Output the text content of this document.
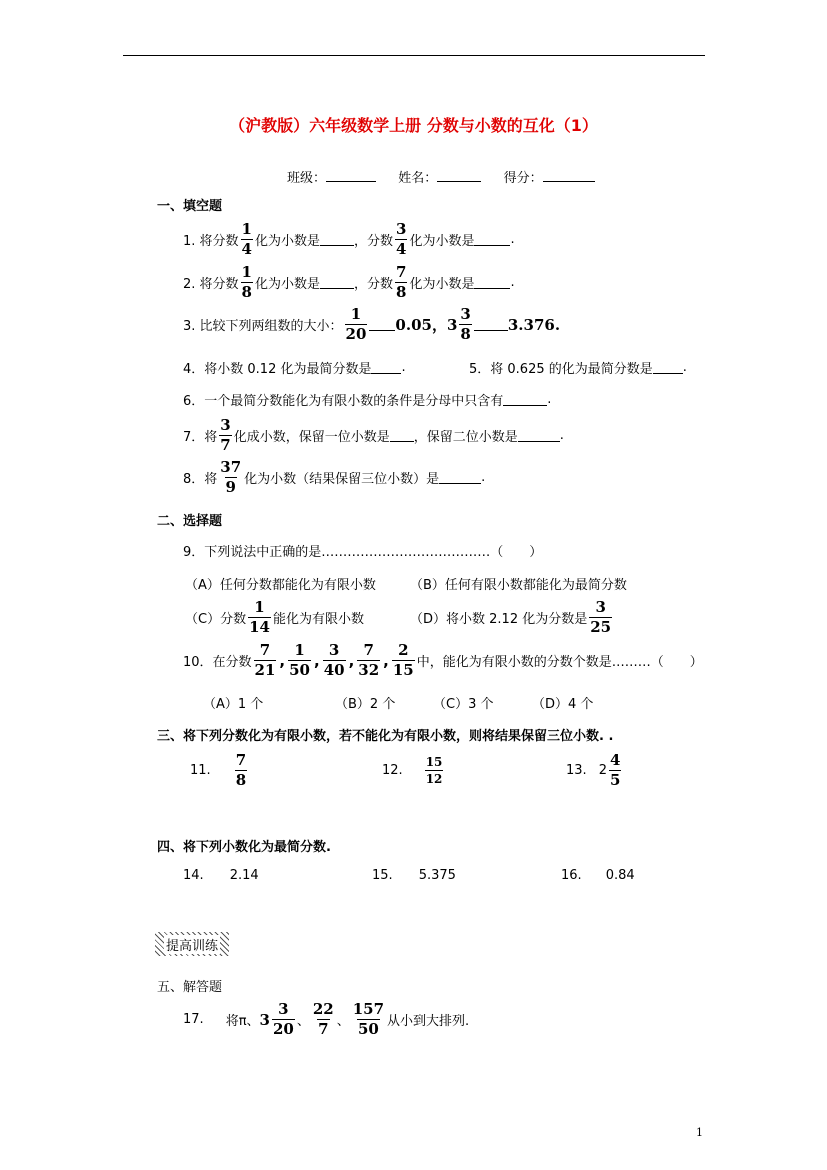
（沪教版）六年级数学上册 分数与小数的互化（1）
班级：	姓名：	得分：
一、填空题
1. 将分数 $\frac{1}{4}$ 化为小数是	，分数 $\frac{3}{4}$ 化为小数是	.
2. 将分数 $\frac{1}{8}$ 化为小数是	，分数 $\frac{7}{8}$ 化为小数是	.
3. 比较下列两组数的大小： $\frac{1}{20} 0.05$ ， $3 \frac{3}{8} 3.376$ .
4．将小数 0.12 化为最简分数是 .	5．将 0.625 的化为最简分数是 .
6．一个最简分数能化为有限小数的条件是分母中只含有	.
7．将 $\frac{3}{7}$ 化成小数，保留一位小数是 ，保留二位小数是	.
8．将 $\frac{37}{9}$ 化为小数（结果保留三位小数）是	.
二、选择题
9．下列说法中正确的是…………………………………（　　）
（A）任何分数都能化为有限小数	（B）任何有限小数都能化为最简分数
（C）分数 $\frac{1}{14}$ 能化为有限小数	（D）将小数 2.12 化为分数是 $\frac{3}{25}$
10．在分数 $\frac{7}{21}$ , $\frac{1}{50}$ , $\frac{3}{40}$ , $\frac{7}{32}$ , $\frac{2}{15}$ 中，能化为有限小数的分数个数是………（　　）
（A）1 个	（B）2 个	（C）3 个	（D）4 个
三、将下列分数化为有限小数，若不能化为有限小数，则将结果保留三位小数. .
11. $\frac{7}{8}$	12. $\frac{15}{12}$	13. $2 \frac{4}{5}$
四、将下列小数化为最简分数.
14. 2.14	15. 5.375	16. 0.84
提高训练
五、解答题
17. 将π、 $3 \frac{3}{20}$ 、 $\frac{22}{7}$ 、 $\frac{157}{50}$ 从小到大排列.
1
